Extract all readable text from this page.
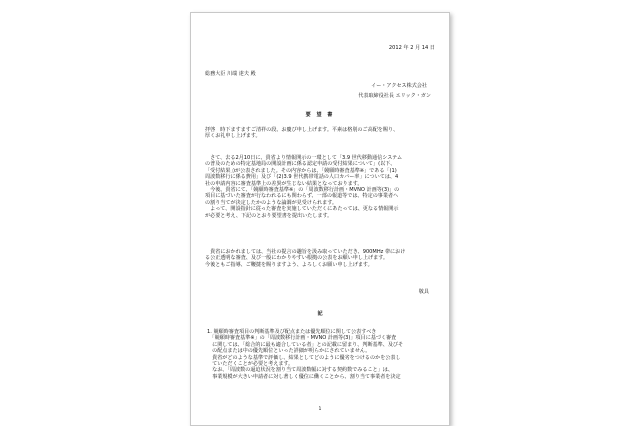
2012 年 2 月 14 日
総務大臣 川端 達夫 殿
イー・アクセス株式会社
代表取締役社長 エリック・ガン
要 望 書
拝啓　時下ますますご清祥の段、お慶び申し上げます。平素は格別のご高配を賜り、
厚くお礼申し上げます。
　さて、去る2月10日に、貴省より情報開示の一環として「3.9 世代移動通信システム
の普及のための特定基地局の開設計画に係る認定申請の受付結果について」(以下、
「受付結果」)が公表されました。その内容からは、「競願時審査基準※」である「(1)
周波数移行に係る費用」及び「(2)3.9 世代携帯電話の人口カバー率」については、4
社の申請内容に審査基準上の差異が生じない結果となっております。
　今後、貴省にて、「競願時審査基準※」の「周波数移行計画・MVNO 計画等(3)」の
項目に基づいた審査が行なわれるにも関わらず、一部の報道等では、特定の事業者へ
の割り当てが決定したかのような論調が見受けられます。
　よって、開設指針に従った審査を実施していただくにあたっては、更なる情報開示
が必要と考え、下記のとおり要望書を提出いたします。
　貴省におかれましては、当社の提言の趣旨を汲み取っていただき、900MHz 帯におけ
る公正透明な審査、及び一般にわかりやすい根拠の公表をお願い申し上げます。
今後ともご指導、ご鞭撻を賜りますよう、よろしくお願い申し上げます。
敬具
記
1. 競願時審査項目の判断基準及び配点または優先順位に関して公表すべき
　「競願時審査基準※」の「周波数移行計画・MVNO 計画等(3)」項目に基づく審査
　に関しては、「総合的に最も適合している者」との記載に留まり、判断基準、及びそ
　の配点または中の優先順位といった詳細が明らかにされていません。
　貴省がどのような基準で評価し、結果としてどのように優劣をつけるのかを公表し
　ていただくことが必要と考えます。
　なお、「周波数の逼迫状況を割り当て周波数幅に対する契約数でみること」は、
　事業規模が大きい申請者に対し著しく優位に働くことから、割り当て事業者を決定
1
